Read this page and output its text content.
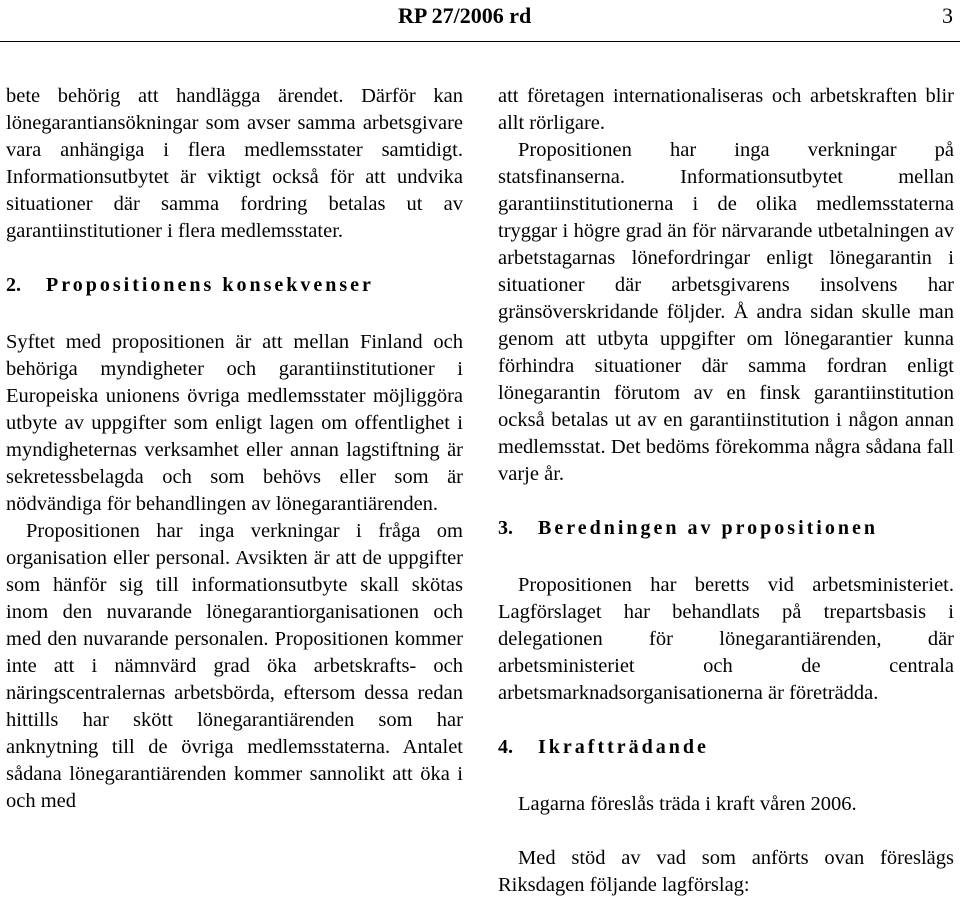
RP 27/2006 rd	3

bete behörig att handlägga ärendet. Därför kan lönegarantiansökningar som avser samma arbetsgivare vara anhängiga i flera medlemsstater samtidigt. Informationsutbytet är viktigt också för att undvika situationer där samma fordring betalas ut av garantiinstitutioner i flera medlemsstater.

2. Propositionens konsekvenser

Syftet med propositionen är att mellan Finland och behöriga myndigheter och garantiinstitutioner i Europeiska unionens övriga medlemsstater möjliggöra utbyte av uppgifter som enligt lagen om offentlighet i myndigheternas verksamhet eller annan lagstiftning är sekretessbelagda och som behövs eller som är nödvändiga för behandlingen av lönegarantiärenden.

Propositionen har inga verkningar i fråga om organisation eller personal. Avsikten är att de uppgifter som hänför sig till informationsutbyte skall skötas inom den nuvarande lönegarantiorganisationen och med den nuvarande personalen. Propositionen kommer inte att i nämnvärd grad öka arbetskrafts- och näringscentralernas arbetsbörda, eftersom dessa redan hittills har skött lönegarantiärenden som har anknytning till de övriga medlemsstaterna. Antalet sådana lönegarantiärenden kommer sannolikt att öka i och med

att företagen internationaliseras och arbetskraften blir allt rörligare.

Propositionen har inga verkningar på statsfinanserna. Informationsutbytet mellan garantiinstitutionerna i de olika medlemsstaterna tryggar i högre grad än för närvarande utbetalningen av arbetstagarnas lönefordringar enligt lönegarantin i situationer där arbetsgivarens insolvens har gränsöverskridande följder. Å andra sidan skulle man genom att utbyta uppgifter om lönegarantier kunna förhindra situationer där samma fordran enligt lönegarantin förutom av en finsk garantiinstitution också betalas ut av en garantiinstitution i någon annan medlemsstat. Det bedöms förekomma några sådana fall varje år.

3. Beredningen av propositionen

Propositionen har beretts vid arbetsministeriet. Lagförslaget har behandlats på trepartsbasis i delegationen för lönegarantiärenden, där arbetsministeriet och de centrala arbetsmarknadsorganisationerna är företrädda.

4. Ikraftträdande

Lagarna föreslås träda i kraft våren 2006.

Med stöd av vad som anförts ovan föreslägs Riksdagen följande lagförslag:
